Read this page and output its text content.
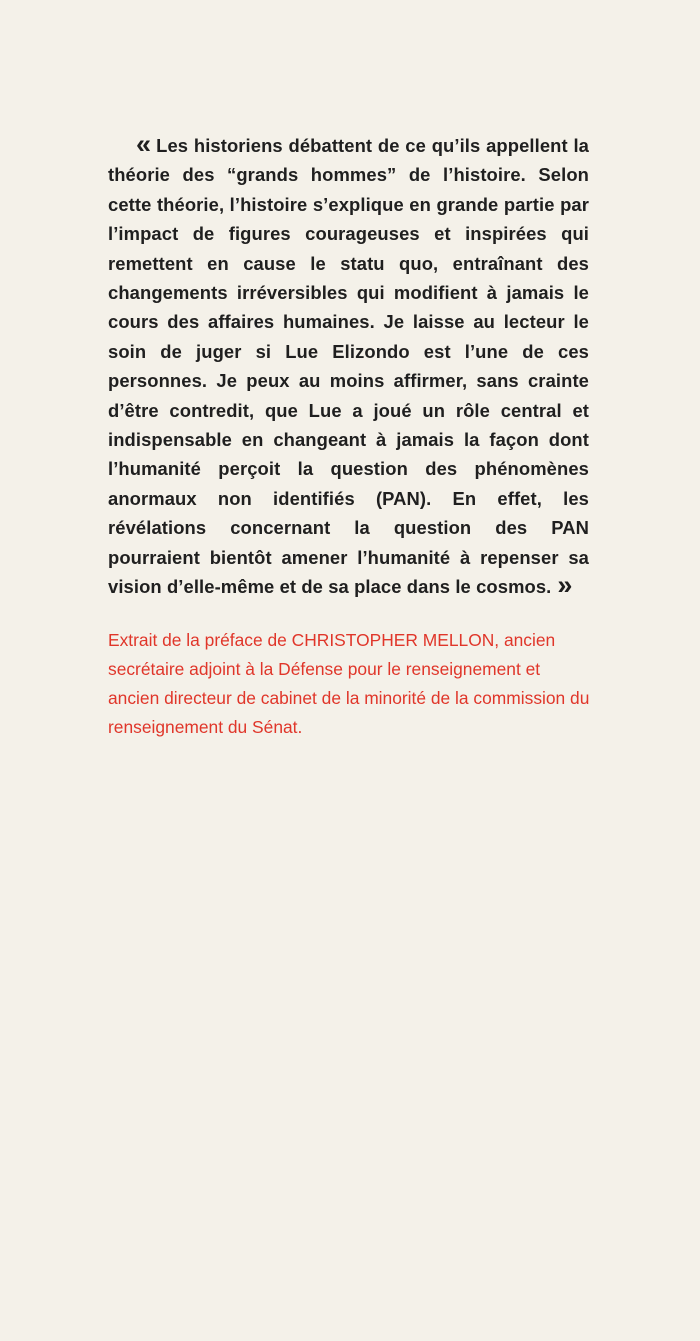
« Les historiens débattent de ce qu’ils appellent la théorie des “grands hommes” de l’histoire. Selon cette théorie, l’histoire s’explique en grande partie par l’impact de figures courageuses et inspirées qui remettent en cause le statu quo, entraînant des changements irréversibles qui modifient à jamais le cours des affaires humaines. Je laisse au lecteur le soin de juger si Lue Elizondo est l’une de ces personnes. Je peux au moins affirmer, sans crainte d’être contredit, que Lue a joué un rôle central et indispensable en changeant à jamais la façon dont l’humanité perçoit la question des phénomènes anormaux non identifiés (PAN). En effet, les révélations concernant la question des PAN pourraient bientôt amener l’humanité à repenser sa vision d’elle-même et de sa place dans le cosmos. »

Extrait de la préface de CHRISTOPHER MELLON, ancien secrétaire adjoint à la Défense pour le renseignement et ancien directeur de cabinet de la minorité de la commission du renseignement du Sénat.
